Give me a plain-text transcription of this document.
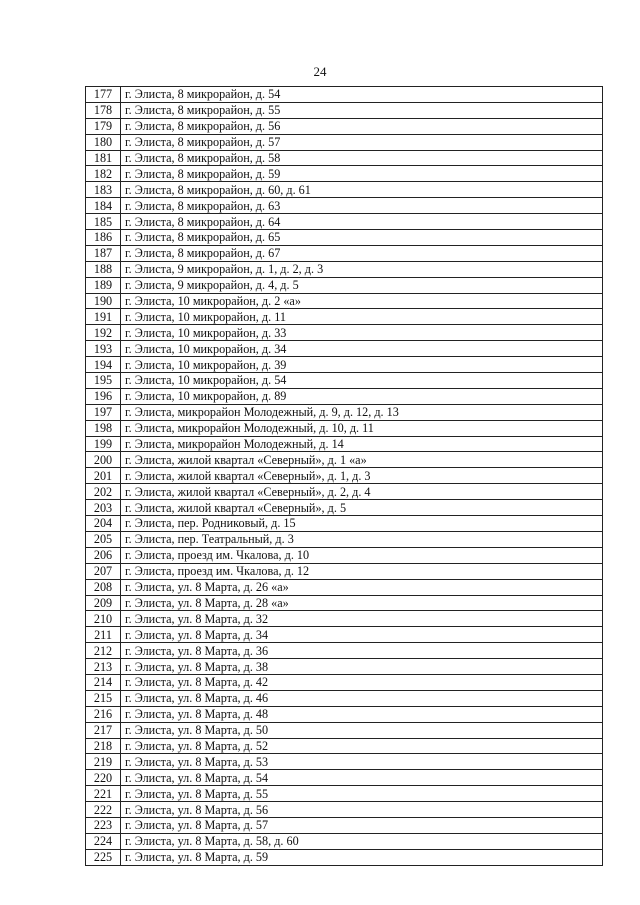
24
177	г. Элиста, 8 микрорайон, д. 54
178	г. Элиста, 8 микрорайон, д. 55
179	г. Элиста, 8 микрорайон, д. 56
180	г. Элиста, 8 микрорайон, д. 57
181	г. Элиста, 8 микрорайон, д. 58
182	г. Элиста, 8 микрорайон, д. 59
183	г. Элиста, 8 микрорайон, д. 60, д. 61
184	г. Элиста, 8 микрорайон, д. 63
185	г. Элиста, 8 микрорайон, д. 64
186	г. Элиста, 8 микрорайон, д. 65
187	г. Элиста, 8 микрорайон, д. 67
188	г. Элиста, 9 микрорайон, д. 1, д. 2, д. 3
189	г. Элиста, 9 микрорайон, д. 4, д. 5
190	г. Элиста, 10 микрорайон, д. 2 «а»
191	г. Элиста, 10 микрорайон, д. 11
192	г. Элиста, 10 микрорайон, д. 33
193	г. Элиста, 10 микрорайон, д. 34
194	г. Элиста, 10 микрорайон, д. 39
195	г. Элиста, 10 микрорайон, д. 54
196	г. Элиста, 10 микрорайон, д. 89
197	г. Элиста, микрорайон Молодежный, д. 9, д. 12, д. 13
198	г. Элиста, микрорайон Молодежный, д. 10, д. 11
199	г. Элиста, микрорайон Молодежный, д. 14
200	г. Элиста, жилой квартал «Северный», д. 1 «а»
201	г. Элиста, жилой квартал «Северный», д. 1, д. 3
202	г. Элиста, жилой квартал «Северный», д. 2, д. 4
203	г. Элиста, жилой квартал «Северный», д. 5
204	г. Элиста, пер. Родниковый, д. 15
205	г. Элиста, пер. Театральный, д. 3
206	г. Элиста, проезд им. Чкалова, д. 10
207	г. Элиста, проезд им. Чкалова, д. 12
208	г. Элиста, ул. 8 Марта, д. 26 «а»
209	г. Элиста, ул. 8 Марта, д. 28 «а»
210	г. Элиста, ул. 8 Марта, д. 32
211	г. Элиста, ул. 8 Марта, д. 34
212	г. Элиста, ул. 8 Марта, д. 36
213	г. Элиста, ул. 8 Марта, д. 38
214	г. Элиста, ул. 8 Марта, д. 42
215	г. Элиста, ул. 8 Марта, д. 46
216	г. Элиста, ул. 8 Марта, д. 48
217	г. Элиста, ул. 8 Марта, д. 50
218	г. Элиста, ул. 8 Марта, д. 52
219	г. Элиста, ул. 8 Марта, д. 53
220	г. Элиста, ул. 8 Марта, д. 54
221	г. Элиста, ул. 8 Марта, д. 55
222	г. Элиста, ул. 8 Марта, д. 56
223	г. Элиста, ул. 8 Марта, д. 57
224	г. Элиста, ул. 8 Марта, д. 58, д. 60
225	г. Элиста, ул. 8 Марта, д. 59
